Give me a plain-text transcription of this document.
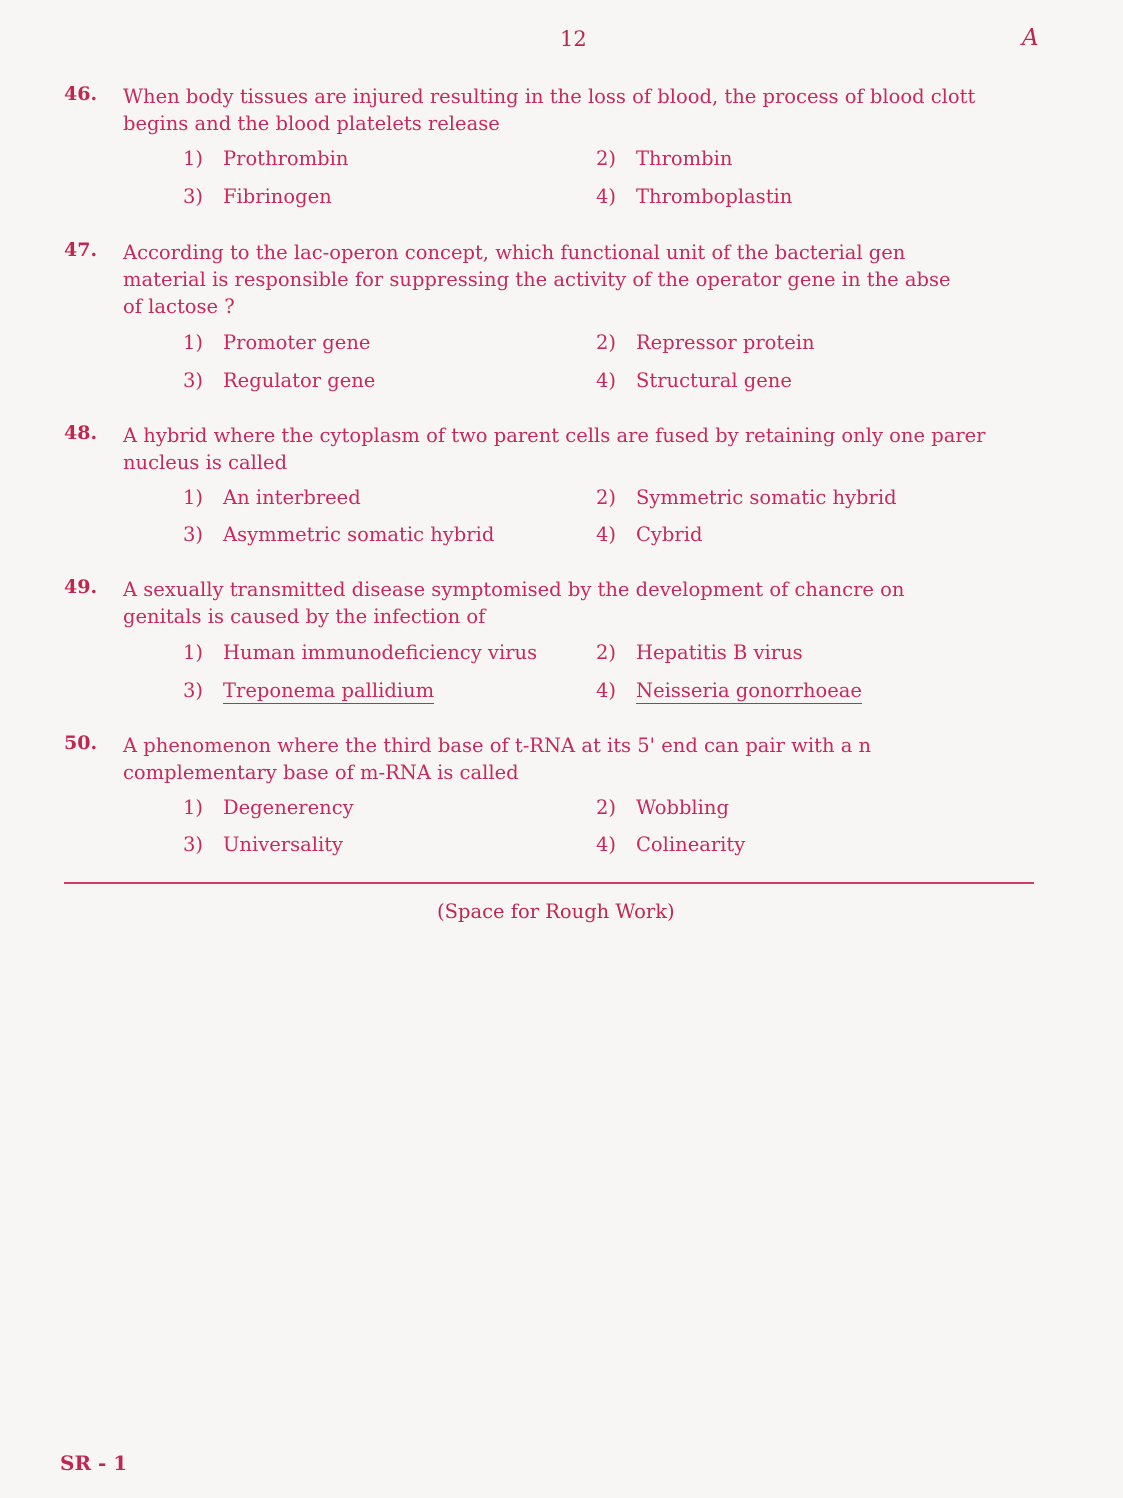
12	A
46. When body tissues are injured resulting in the loss of blood, the process of blood clott
begins and the blood platelets release
1) Prothrombin	2) Thrombin
3) Fibrinogen	4) Thromboplastin
47. According to the lac-operon concept, which functional unit of the bacterial gen
material is responsible for suppressing the activity of the operator gene in the abse
of lactose ?
1) Promoter gene	2) Repressor protein
3) Regulator gene	4) Structural gene
48. A hybrid where the cytoplasm of two parent cells are fused by retaining only one parer
nucleus is called
1) An interbreed	2) Symmetric somatic hybrid
3) Asymmetric somatic hybrid	4) Cybrid
49. A sexually transmitted disease symptomised by the development of chancre on
genitals is caused by the infection of
1) Human immunodeficiency virus	2) Hepatitis B virus
3) Treponema pallidium	4) Neisseria gonorrhoeae
50. A phenomenon where the third base of t-RNA at its 5' end can pair with a n
complementary base of m-RNA is called
1) Degenerency	2) Wobbling
3) Universality	4) Colinearity
(Space for Rough Work)
SR - 1
